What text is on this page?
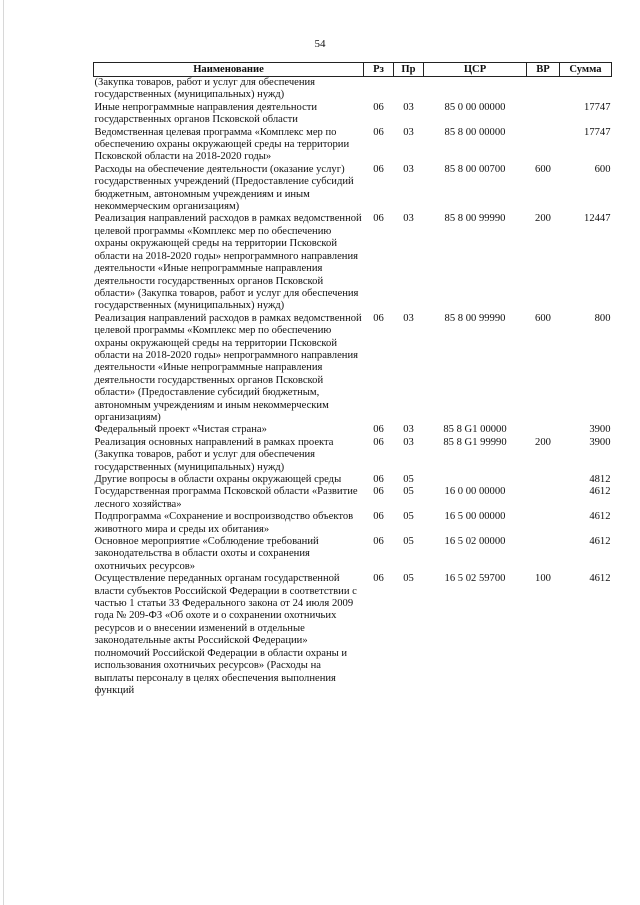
54
Наименование	Рз	Пр	ЦСР	ВР	Сумма
(Закупка товаров, работ и услуг для обеспечения государственных (муниципальных) нужд)					
Иные непрограммные направления деятельности государственных органов Псковской области	06	03	85 0 00 00000		17747
Ведомственная целевая программа «Комплекс мер по обеспечению охраны окружающей среды на территории Псковской области на 2018-2020 годы»	06	03	85 8 00 00000		17747
Расходы на обеспечение деятельности (оказание услуг) государственных учреждений (Предоставление субсидий бюджетным, автономным учреждениям и иным некоммерческим организациям)	06	03	85 8 00 00700	600	600
Реализация направлений расходов в рамках ведомственной целевой программы «Комплекс мер по обеспечению охраны окружающей среды на территории Псковской области на 2018-2020 годы» непрограммного направления деятельности «Иные непрограммные направления деятельности государственных органов Псковской области» (Закупка товаров, работ и услуг для обеспечения государственных (муниципальных) нужд)	06	03	85 8 00 99990	200	12447
Реализация направлений расходов в рамках ведомственной целевой программы «Комплекс мер по обеспечению охраны окружающей среды на территории Псковской области на 2018-2020 годы» непрограммного направления деятельности «Иные непрограммные направления деятельности государственных органов Псковской области» (Предоставление субсидий бюджетным, автономным учреждениям и иным некоммерческим организациям)	06	03	85 8 00 99990	600	800
Федеральный проект «Чистая страна»	06	03	85 8 G1 00000		3900
Реализация основных направлений в рамках проекта (Закупка товаров, работ и услуг для обеспечения государственных (муниципальных) нужд)	06	03	85 8 G1 99990	200	3900
Другие вопросы в области охраны окружающей среды	06	05			4812
Государственная программа Псковской области «Развитие лесного хозяйства»	06	05	16 0 00 00000		4612
Подпрограмма «Сохранение и воспроизводство объектов животного мира и среды их обитания»	06	05	16 5 00 00000		4612
Основное мероприятие «Соблюдение требований законодательства в области охоты и сохранения охотничьих ресурсов»	06	05	16 5 02 00000		4612
Осуществление переданных органам государственной власти субъектов Российской Федерации в соответствии с частью 1 статьи 33 Федерального закона от 24 июля 2009 года № 209-ФЗ «Об охоте и о сохранении охотничьих ресурсов и о внесении изменений в отдельные законодательные акты Российской Федерации» полномочий Российской Федерации в области охраны и использования охотничьих ресурсов» (Расходы на выплаты персоналу в целях обеспечения выполнения функций	06	05	16 5 02 59700	100	4612
